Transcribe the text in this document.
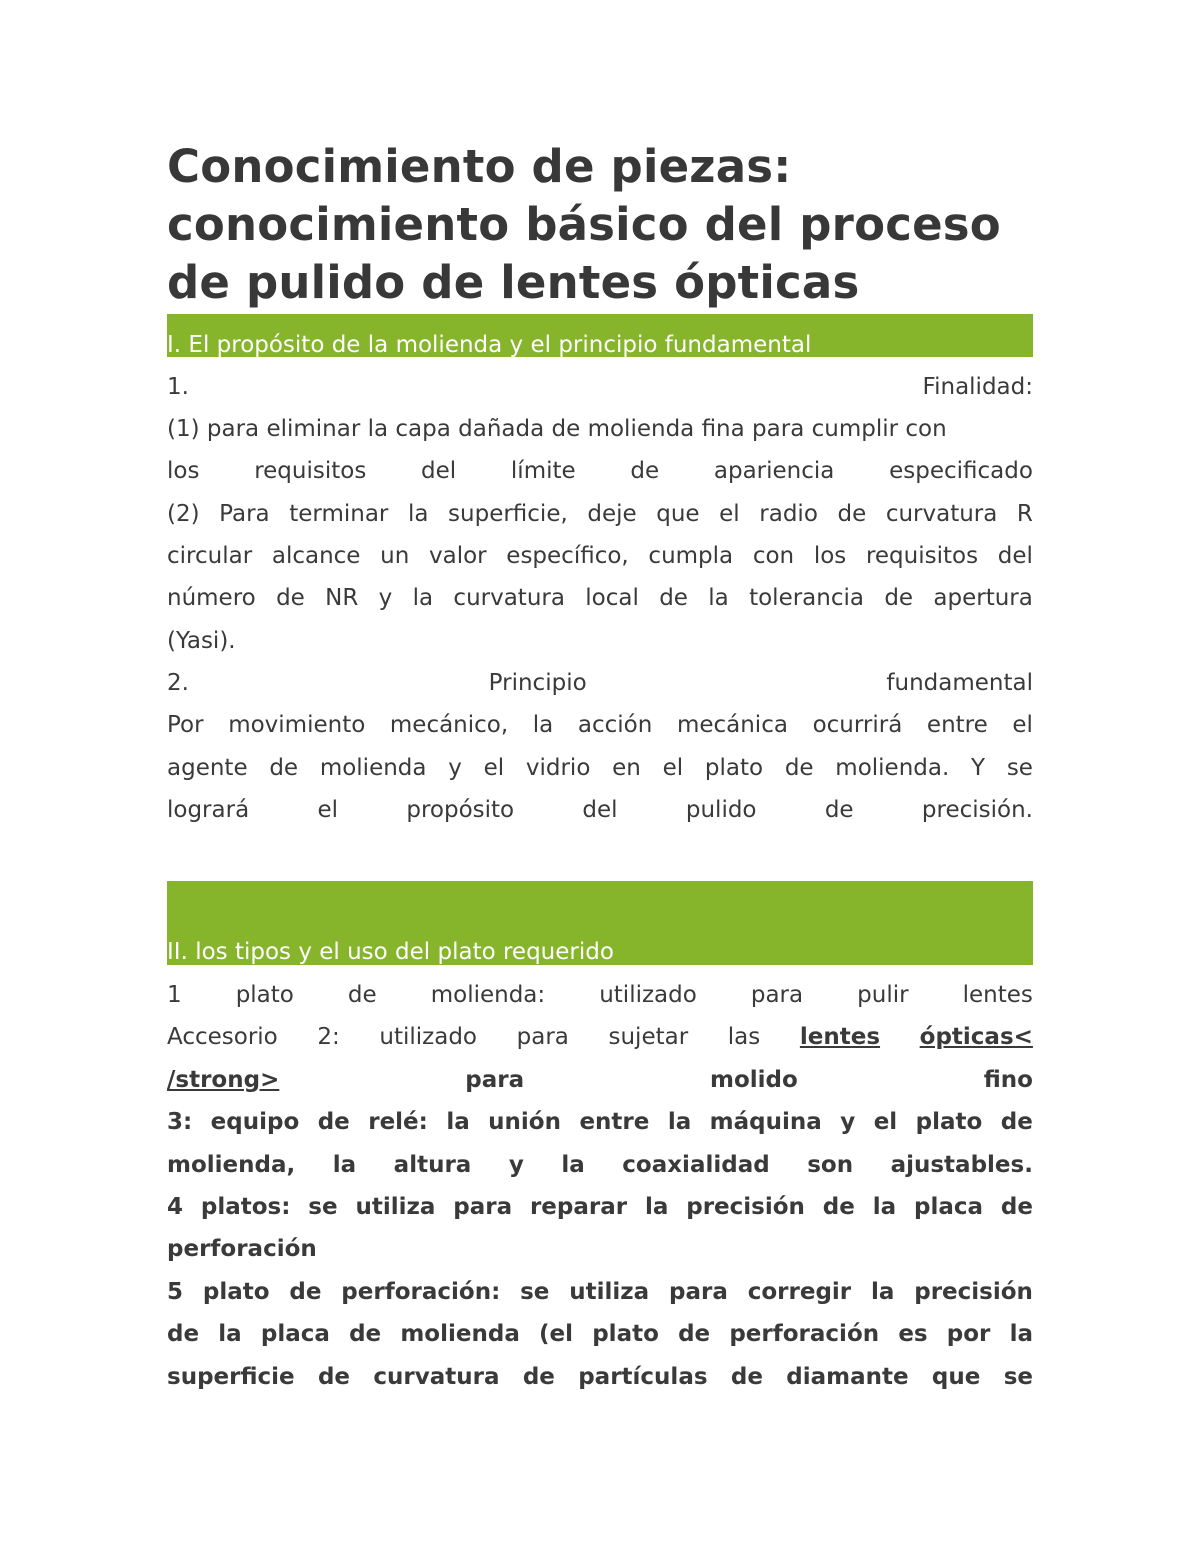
Conocimiento de piezas:
conocimiento básico del proceso
de pulido de lentes ópticas
I. El propósito de la molienda y el principio fundamental
1.	Finalidad:
(1) para eliminar la capa dañada de molienda fina para cumplir con
los requisitos del límite de apariencia especificado
(2) Para terminar la superficie, deje que el radio de curvatura R
circular alcance un valor específico, cumpla con los requisitos del
número de NR y la curvatura local de la tolerancia de apertura
(Yasi).
2.	Principio	fundamental
Por movimiento mecánico, la acción mecánica ocurrirá entre el
agente de molienda y el vidrio en el plato de molienda. Y se
logrará	el	propósito	del	pulido	de	precisión.
II. los tipos y el uso del plato requerido
1 plato de molienda: utilizado para pulir lentes
Accesorio 2: utilizado para sujetar las lentes ópticas<
/strong>	para	molido	fino
3: equipo de relé: la unión entre la máquina y el plato de
molienda, la altura y la coaxialidad son ajustables.
4 platos: se utiliza para reparar la precisión de la placa de
perforación
5 plato de perforación: se utiliza para corregir la precisión
de la placa de molienda (el plato de perforación es por la
superficie de curvatura de partículas de diamante que se
